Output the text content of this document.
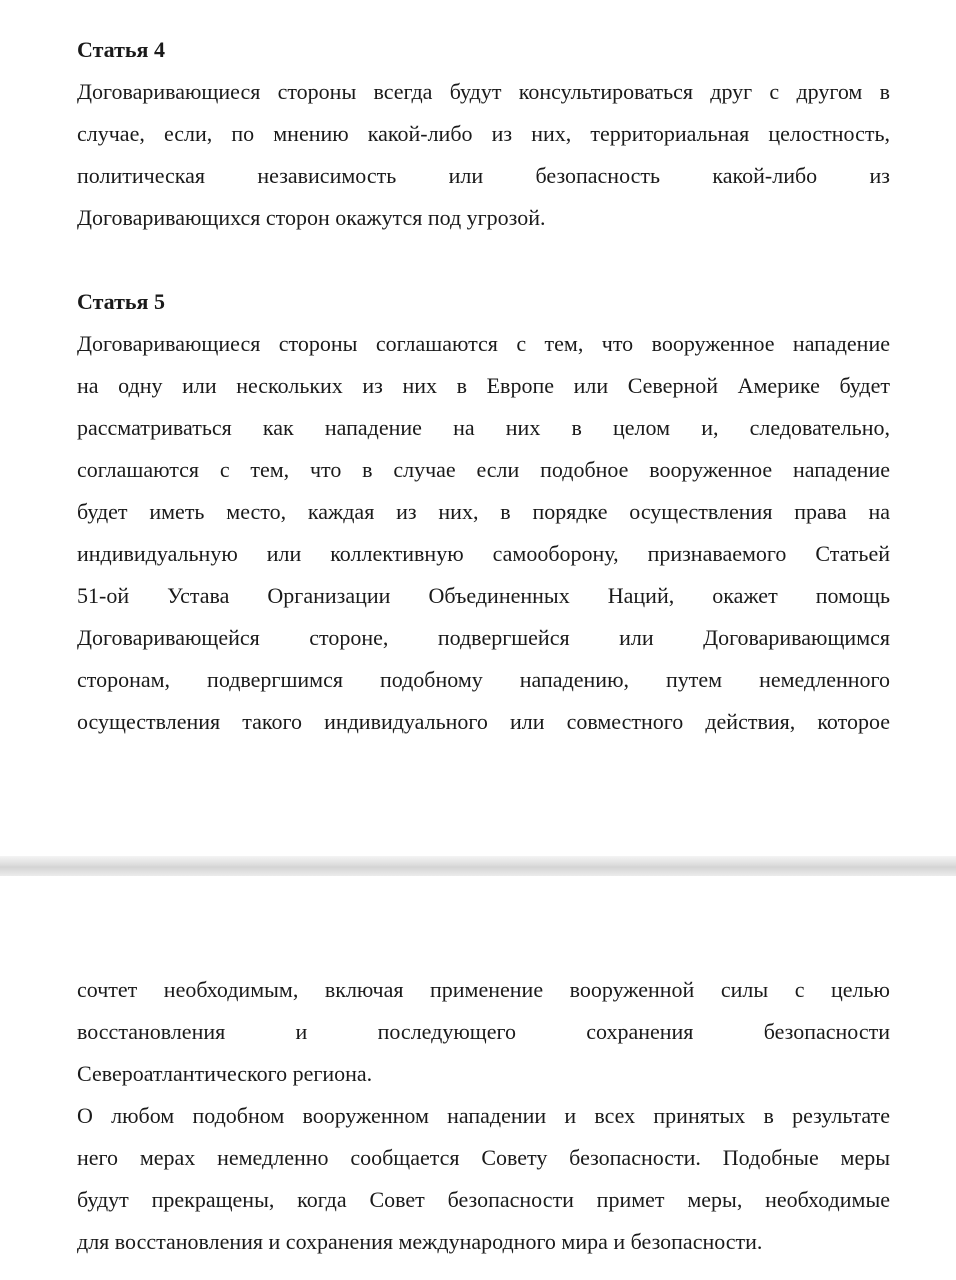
Статья 4

Договаривающиеся стороны всегда будут консультироваться друг с другом в
случае, если, по мнению какой-либо из них, территориальная целостность,
политическая независимость или безопасность какой-либо из
Договаривающихся сторон окажутся под угрозой.

Статья 5

Договаривающиеся стороны соглашаются с тем, что вооруженное нападение
на одну или нескольких из них в Европе или Северной Америке будет
рассматриваться как нападение на них в целом и, следовательно,
соглашаются с тем, что в случае если подобное вооруженное нападение
будет иметь место, каждая из них, в порядке осуществления права на
индивидуальную или коллективную самооборону, признаваемого Статьей
51-ой Устава Организации Объединенных Наций, окажет помощь
Договаривающейся стороне, подвергшейся или Договаривающимся
сторонам, подвергшимся подобному нападению, путем немедленного
осуществления такого индивидуального или совместного действия, которое
сочтет необходимым, включая применение вооруженной силы с целью
восстановления и последующего сохранения безопасности
Североатлантического региона.
О любом подобном вооруженном нападении и всех принятых в результате
него мерах немедленно сообщается Совету безопасности. Подобные меры
будут прекращены, когда Совет безопасности примет меры, необходимые
для восстановления и сохранения международного мира и безопасности.
